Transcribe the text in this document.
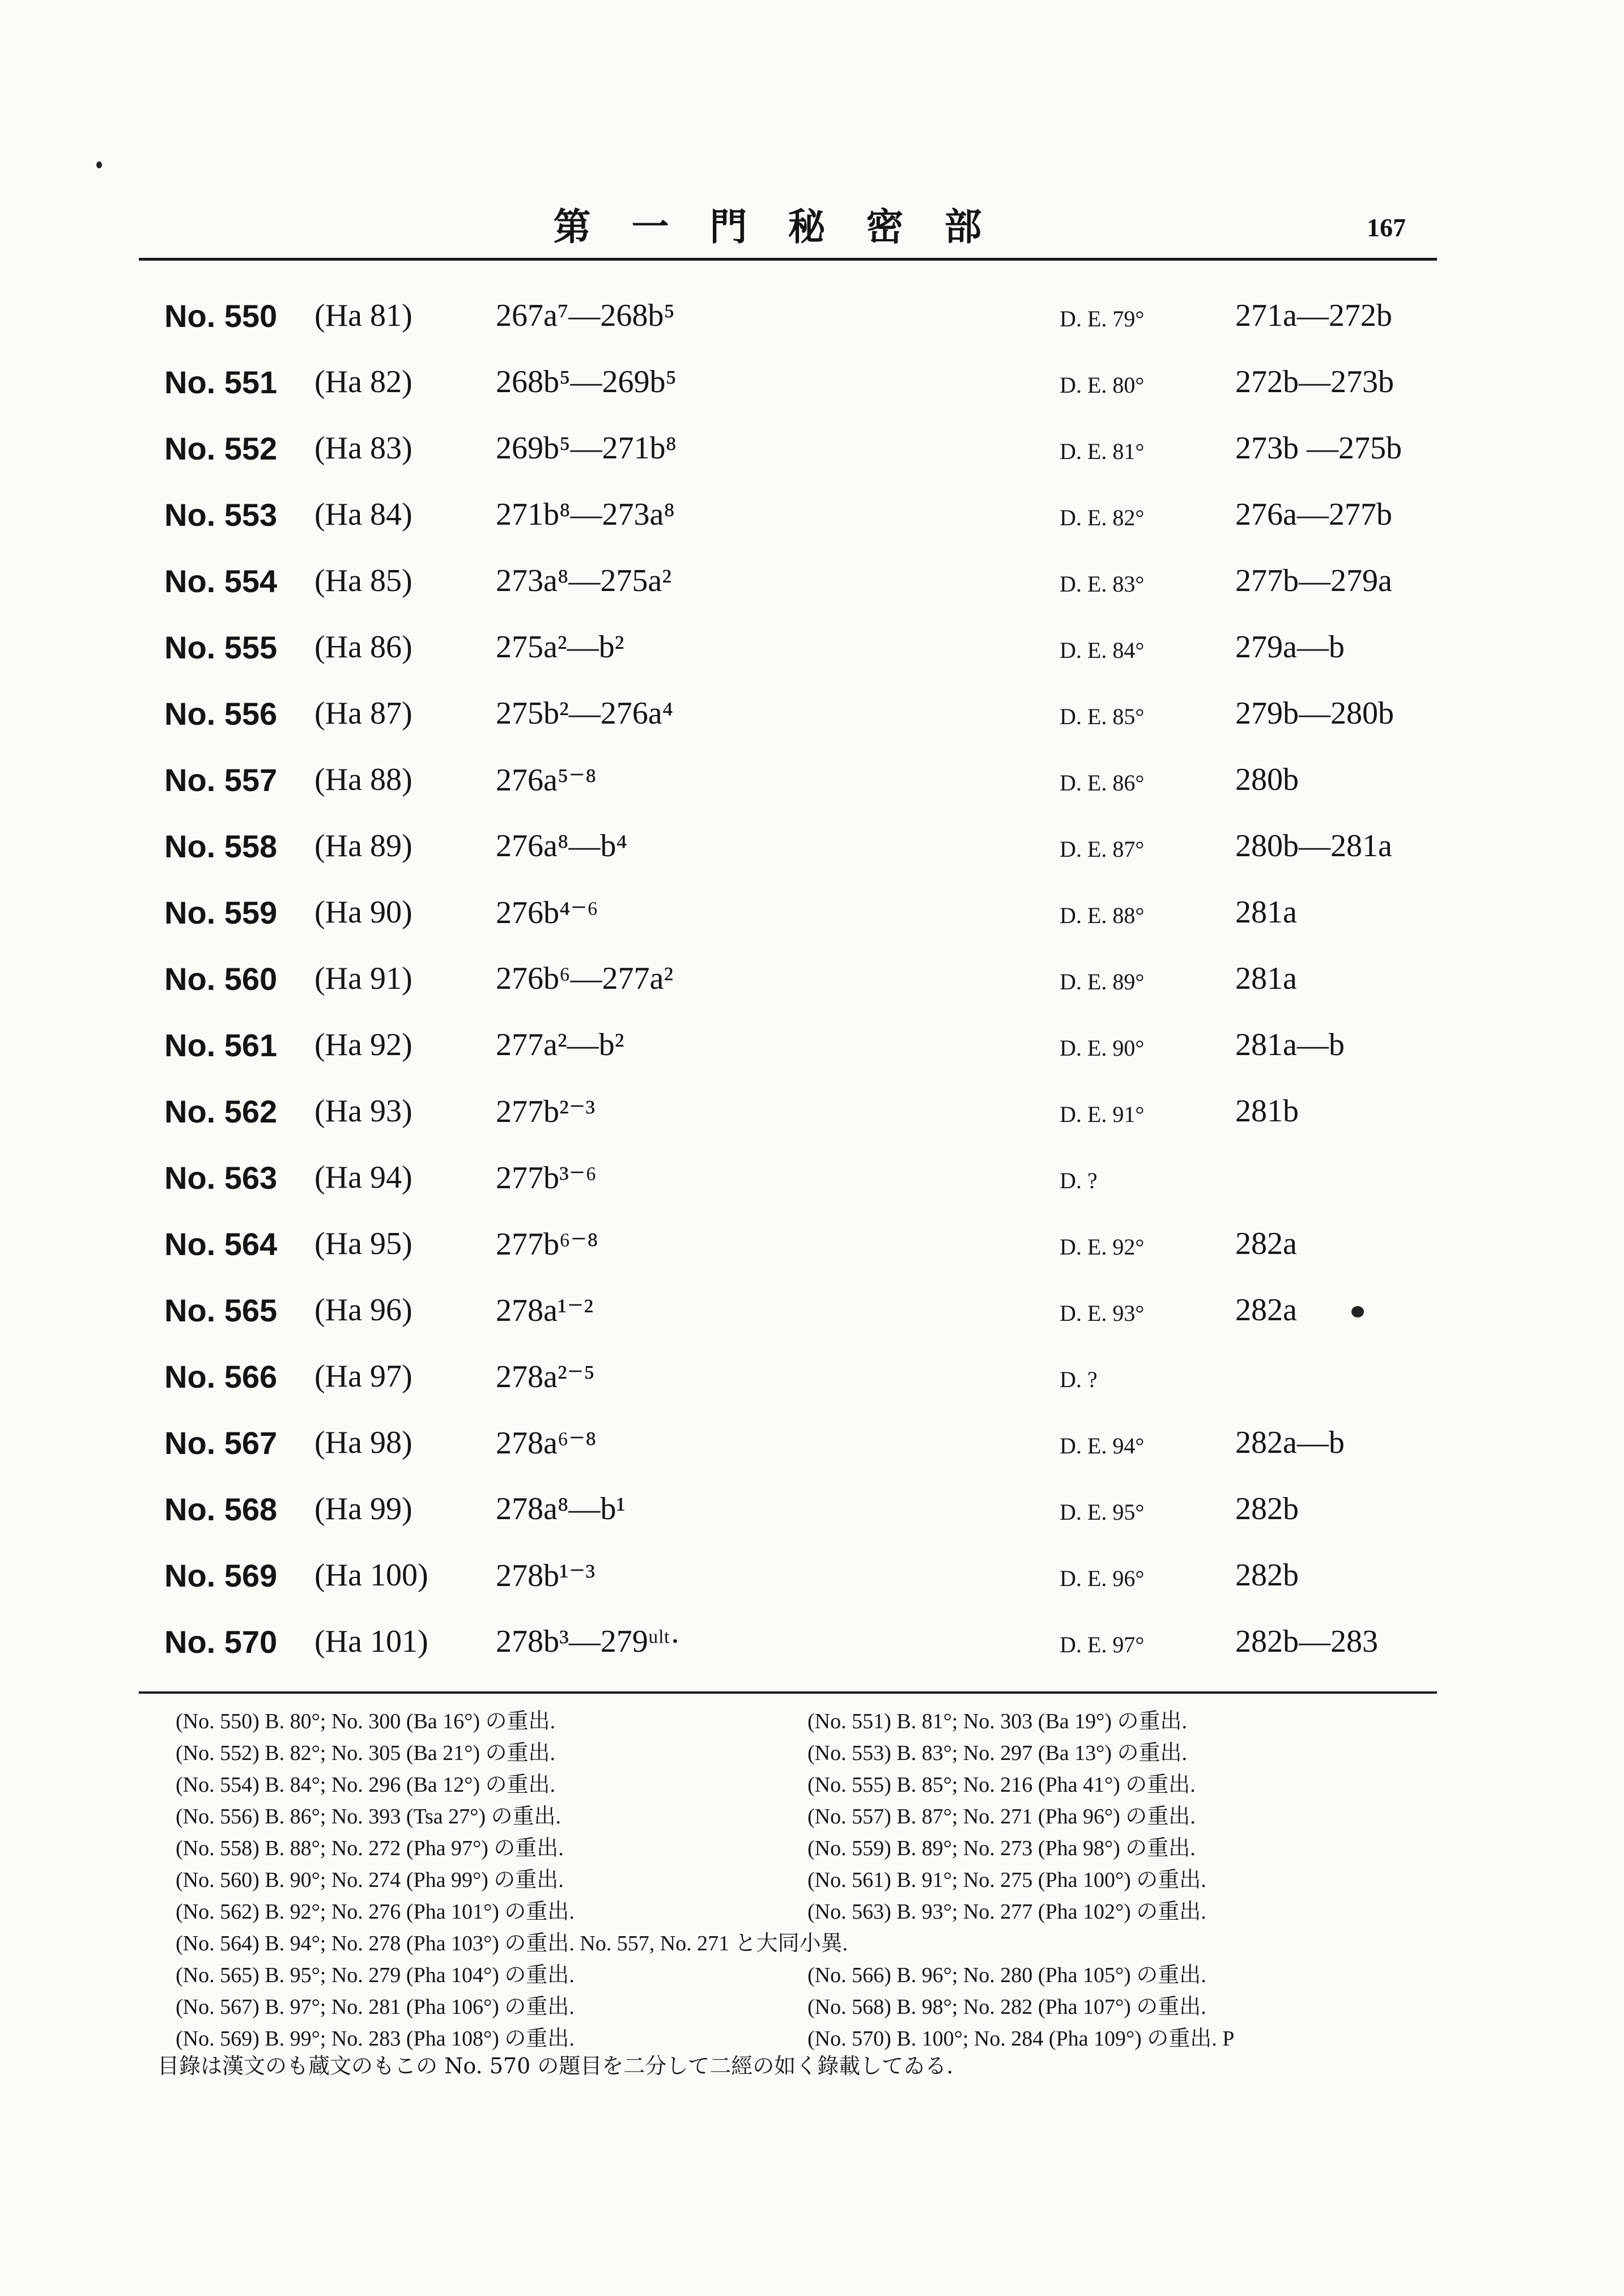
第一門秘密部	167
No. 550 (Ha 81)	267a⁷—268b⁵	D. E. 79°	271a—272b
No. 551 (Ha 82)	268b⁵—269b⁵	D. E. 80°	272b—273b
No. 552 (Ha 83)	269b⁵—271b⁸	D. E. 81°	273b —275b
No. 553 (Ha 84)	271b⁸—273a⁸	D. E. 82°	276a—277b
No. 554 (Ha 85)	273a⁸—275a²	D. E. 83°	277b—279a
No. 555 (Ha 86)	275a²—b²	D. E. 84°	279a—b
No. 556 (Ha 87)	275b²—276a⁴	D. E. 85°	279b—280b
No. 557 (Ha 88)	276a⁵⁻⁸	D. E. 86°	280b
No. 558 (Ha 89)	276a⁸—b⁴	D. E. 87°	280b—281a
No. 559 (Ha 90)	276b⁴⁻⁶	D. E. 88°	281a
No. 560 (Ha 91)	276b⁶—277a²	D. E. 89°	281a
No. 561 (Ha 92)	277a²—b²	D. E. 90°	281a—b
No. 562 (Ha 93)	277b²⁻³	D. E. 91°	281b
No. 563 (Ha 94)	277b³⁻⁶	D. ?
No. 564 (Ha 95)	277b⁶⁻⁸	D. E. 92°	282a
No. 565 (Ha 96)	278a¹⁻²	D. E. 93°	282a
No. 566 (Ha 97)	278a²⁻⁵	D. ?
No. 567 (Ha 98)	278a⁶⁻⁸	D. E. 94°	282a—b
No. 568 (Ha 99)	278a⁸—b¹	D. E. 95°	282b
No. 569 (Ha 100) 278b¹⁻³	D. E. 96°	282b
No. 570 (Ha 101) 278b³—279ᵘˡᵗ·	D. E. 97°	282b—283
(No. 550) B. 80°; No. 300 (Ba 16°) の重出.	(No. 551) B. 81°; No. 303 (Ba 19°) の重出.
(No. 552) B. 82°; No. 305 (Ba 21°) の重出.	(No. 553) B. 83°; No. 297 (Ba 13°) の重出.
(No. 554) B. 84°; No. 296 (Ba 12°) の重出.	(No. 555) B. 85°; No. 216 (Pha 41°) の重出.
(No. 556) B. 86°; No. 393 (Tsa 27°) の重出.	(No. 557) B. 87°; No. 271 (Pha 96°) の重出.
(No. 558) B. 88°; No. 272 (Pha 97°) の重出.	(No. 559) B. 89°; No. 273 (Pha 98°) の重出.
(No. 560) B. 90°; No. 274 (Pha 99°) の重出.	(No. 561) B. 91°; No. 275 (Pha 100°) の重出.
(No. 562) B. 92°; No. 276 (Pha 101°) の重出.	(No. 563) B. 93°; No. 277 (Pha 102°) の重出.
(No. 564) B. 94°; No. 278 (Pha 103°) の重出. No. 557, No. 271 と大同小異.
(No. 565) B. 95°; No. 279 (Pha 104°) の重出.	(No. 566) B. 96°; No. 280 (Pha 105°) の重出.
(No. 567) B. 97°; No. 281 (Pha 106°) の重出.	(No. 568) B. 98°; No. 282 (Pha 107°) の重出.
(No. 569) B. 99°; No. 283 (Pha 108°) の重出.	(No. 570) B. 100°; No. 284 (Pha 109°) の重出. P
目錄は漢文のも蔵文のもこの No. 570 の題目を二分して二經の如く錄載してゐる.
